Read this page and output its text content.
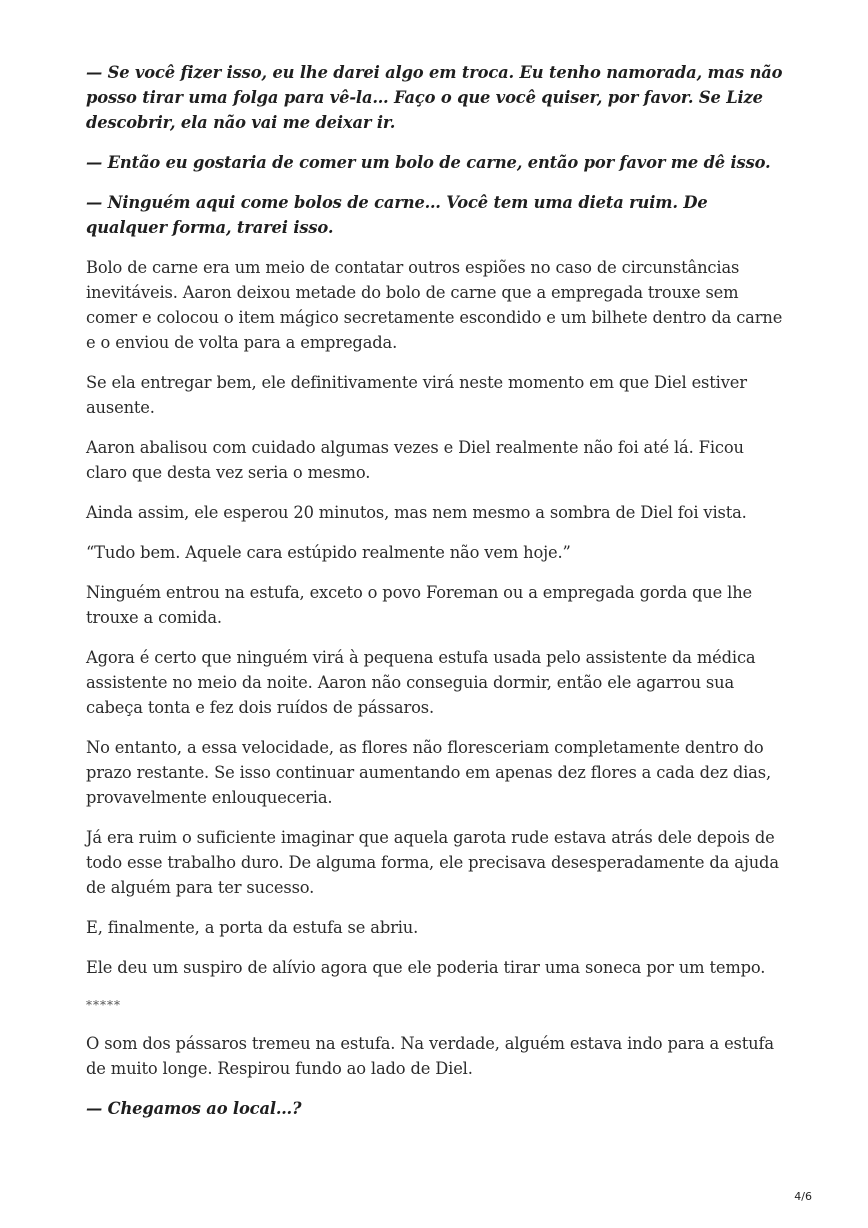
— Se você fizer isso, eu lhe darei algo em troca. Eu tenho namorada, mas não posso tirar uma folga para vê-la… Faço o que você quiser, por favor. Se Lize descobrir, ela não vai me deixar ir.

— Então eu gostaria de comer um bolo de carne, então por favor me dê isso.

— Ninguém aqui come bolos de carne… Você tem uma dieta ruim. De qualquer forma, trarei isso.

Bolo de carne era um meio de contatar outros espiões no caso de circunstâncias inevitáveis. Aaron deixou metade do bolo de carne que a empregada trouxe sem comer e colocou o item mágico secretamente escondido e um bilhete dentro da carne e o enviou de volta para a empregada.

Se ela entregar bem, ele definitivamente virá neste momento em que Diel estiver ausente.

Aaron abalisou com cuidado algumas vezes e Diel realmente não foi até lá. Ficou claro que desta vez seria o mesmo.

Ainda assim, ele esperou 20 minutos, mas nem mesmo a sombra de Diel foi vista.

“Tudo bem. Aquele cara estúpido realmente não vem hoje.”

Ninguém entrou na estufa, exceto o povo Foreman ou a empregada gorda que lhe trouxe a comida.

Agora é certo que ninguém virá à pequena estufa usada pelo assistente da médica assistente no meio da noite. Aaron não conseguia dormir, então ele agarrou sua cabeça tonta e fez dois ruídos de pássaros.

No entanto, a essa velocidade, as flores não floresceriam completamente dentro do prazo restante. Se isso continuar aumentando em apenas dez flores a cada dez dias, provavelmente enlouqueceria.

Já era ruim o suficiente imaginar que aquela garota rude estava atrás dele depois de todo esse trabalho duro. De alguma forma, ele precisava desesperadamente da ajuda de alguém para ter sucesso.

E, finalmente, a porta da estufa se abriu.

Ele deu um suspiro de alívio agora que ele poderia tirar uma soneca por um tempo.

*****

O som dos pássaros tremeu na estufa. Na verdade, alguém estava indo para a estufa de muito longe. Respirou fundo ao lado de Diel.

— Chegamos ao local…?

4/6
